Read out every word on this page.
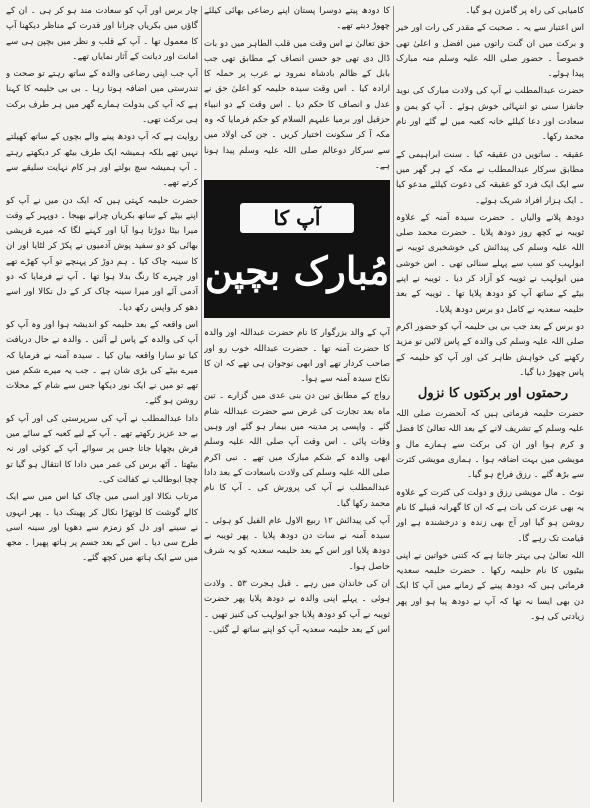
کامیابی کی راہ پر گامزن ہو گیا۔

اس اعتبار سے یہ ۔ صحبت کے مقدر کی رات اور خیر و برکت میں ان گنت راتوں میں افضل و اعلیٰ تھی خصوصاً ۔ حضور صلی اللہ علیہ وسلم منہ مبارک پیدا ہوئے۔

حضرت عبدالمطلب نے آپ کی ولادت مبارک کی نوید جانفزا سنی تو انتہائی خوش ہوئے ۔ آپ کو یمن و سعادت اور دعا کیلئے خانہ کعبہ میں لے گئے اور نام محمد رکھا۔

عقیقہ ۔ ساتویں دن عقیقہ کیا ۔ سنت ابراہیمی کے مطابق سرکار عبدالمطلب نے مکہ کے ہر گھر میں سے ایک ایک فرد کو عقیقہ کی دعوت کیلئے مدعو کیا ۔ ایک ہزار افراد شریک ہوئے۔

دودھ پلانے والیاں ۔ حضرت سیدہ آمنہ کے علاوہ ثویبہ نے کچھ روز دودھ پلایا ۔ حضرت محمد صلی اللہ علیہ وسلم کی پیدائش کی خوشخبری ثویبہ نے ابولہب کو سب سے پہلے سنائی تھی ۔ اس خوشی میں ابولہب نے ثویبہ کو آزاد کر دیا ۔ ثویبہ نے اپنے بیٹے کے ساتھ آپ کو دودھ پلایا تھا ۔ ثویبہ کے بعد حلیمہ سعدیہ نے کامل دو برس دودھ پلایا۔

دو برس کے بعد جب بی بی حلیمہ آپ کو حضور اکرم صلی اللہ علیہ وسلم کی والدہ کے پاس لائیں تو مزید رکھنے کی خواہش ظاہر کی اور آپ کو حلیمہ کے پاس چھوڑ دیا گیا۔

رحمتوں اور برکتوں کا نزول

حضرت حلیمہ فرماتی ہیں کہ آنحضرت صلی اللہ علیہ وسلم کے تشریف لانے کے بعد اللہ تعالیٰ کا فضل و کرم ہوا اور ان کی برکت سے ہمارے مال و مویشی میں بہت اضافہ ہوا ۔ ہماری مویشی کثرت سے بڑھ گئے ۔ رزق فراخ ہو گیا۔

نوٹ ۔ مال مویشی رزق و دولت کی کثرت کے علاوہ یہ بھی عزت کی بات ہے کہ ان کا گھرانہ قبیلے کا نام روشن ہو گیا اور آج بھی زندہ و درخشندہ ہے اور قیامت تک رہے گا۔

اللہ تعالیٰ ہی بہتر جانتا ہے کہ کتنی خواتین نے اپنی بیٹیوں کا نام حلیمہ رکھا ۔ حضرت حلیمہ سعدیہ فرماتی ہیں کہ دودھ پینے کے زمانے میں آپ کا ایک دن بھی ایسا نہ تھا کہ آپ نے دودھ پیا ہو اور پھر زیادتی کی ہو۔

کا دودھ پیتے دوسرا پستان اپنے رضاعی بھائی کیلئے چھوڑ دیتے تھے۔

حق تعالیٰ نے اس وقت میں قلب الطاہر میں دو بات ڈال دی تھی جو حسن انصاف کے مطابق تھی جب بابل کے ظالم بادشاہ نمرود نے عرب پر حملہ کا ارادہ کیا ۔ اس وقت سیدہ حلیمہ کو اعلیٰ حق نے عدل و انصاف کا حکم دیا ۔ اس وقت کے دو انبیاء حزقیل اور برمیا علیہم السلام کو حکم فرمایا کہ وہ مکہ آ کر سکونت اختیار کریں ۔ جن کی اولاد میں سے سرکار دوعالم صلی اللہ علیہ وسلم پیدا ہونا ہے۔

آپ کا
مُبارک بچپن

آپ کے والد بزرگوار کا نام حضرت عبداللہ اور والدہ کا حضرت آمنہ تھا ۔ حضرت عبداللہ خوب رو اور صاحب کردار تھے اور ابھی نوجوان ہی تھے کہ ان کا نکاح سیدہ آمنہ سے ہوا۔

رواج کے مطابق تین دن بنی عدی میں گزارے ۔ تین ماہ بعد تجارت کی غرض سے حضرت عبداللہ شام گئے ۔ واپسی پر مدینہ میں بیمار ہو گئے اور وہیں وفات پائی ۔ اس وقت آپ صلی اللہ علیہ وسلم ابھی والدہ کے شکم مبارک میں تھے ۔ نبی اکرم صلی اللہ علیہ وسلم کی ولادت باسعادت کے بعد دادا عبدالمطلب نے آپ کی پرورش کی ۔ آپ کا نام محمد رکھا گیا۔

آپ کی پیدائش ۱۲ ربیع الاول عام الفیل کو ہوئی ۔ سیدہ آمنہ نے سات دن دودھ پلایا ۔ پھر ثویبہ نے دودھ پلایا اور اس کے بعد حلیمہ سعدیہ کو یہ شرف حاصل ہوا۔

ان کی خاندان میں رہے ۔ قبل ہجرت ۵۳ ۔ ولادت ہوئی ۔ پہلے اپنی والدہ نے دودھ پلایا پھر حضرت ثویبہ نے آپ کو دودھ پلایا جو ابولہب کی کنیز تھیں ۔ اس کے بعد حلیمہ سعدیہ آپ کو اپنے ساتھ لے گئیں۔

چار برس اور آپ کو سعادت مند ہو کر ہی ۔ ان کے گاؤں میں بکریاں چرانا اور قدرت کے مناظر دیکھنا آپ کا معمول تھا ۔ آپ کے قلب و نظر میں بچپن ہی سے امانت اور دیانت کے آثار نمایاں تھے۔

آپ جب اپنی رضاعی والدہ کے ساتھ رہتے تو صحت و تندرستی میں اضافہ ہوتا رہا ۔ بی بی حلیمہ کا کہنا ہے کہ آپ کی بدولت ہمارے گھر میں ہر طرف برکت ہی برکت تھی۔

روایت ہے کہ آپ دودھ پینے والے بچوں کے ساتھ کھیلتے نہیں تھے بلکہ ہمیشہ ایک طرف بیٹھ کر دیکھتے رہتے ۔ آپ ہمیشہ سچ بولتے اور ہر کام نہایت سلیقے سے کرتے تھے۔

حضرت حلیمہ کہتی ہیں کہ ایک دن میں نے آپ کو اپنے بیٹے کے ساتھ بکریاں چرانے بھیجا ۔ دوپہر کے وقت میرا بیٹا دوڑتا ہوا آیا اور کہنے لگا کہ میرے قریشی بھائی کو دو سفید پوش آدمیوں نے پکڑ کر لٹایا اور ان کا سینہ چاک کیا ۔ ہم دوڑ کر پہنچے تو آپ کھڑے تھے اور چہرے کا رنگ بدلا ہوا تھا ۔ آپ نے فرمایا کہ دو آدمی آئے اور میرا سینہ چاک کر کے دل نکالا اور اسے دھو کر واپس رکھ دیا۔

اس واقعہ کے بعد حلیمہ کو اندیشہ ہوا اور وہ آپ کو آپ کی والدہ کے پاس لے آئیں ۔ والدہ نے حال دریافت کیا تو سارا واقعہ بیان کیا ۔ سیدہ آمنہ نے فرمایا کہ میرے بیٹے کی بڑی شان ہے ۔ جب یہ میرے شکم میں تھے تو میں نے ایک نور دیکھا جس سے شام کے محلات روشن ہو گئے۔

دادا عبدالمطلب نے آپ کی سرپرستی کی اور آپ کو بے حد عزیز رکھتے تھے ۔ آپ کے لیے کعبہ کے سائے میں فرش بچھایا جاتا جس پر سوائے آپ کے کوئی اور نہ بیٹھتا ۔ آٹھ برس کی عمر میں دادا کا انتقال ہو گیا تو چچا ابوطالب نے کفالت کی۔

مرتاب نکالا اور اسی میں چاک کیا اس میں سے ایک کالے گوشت کا لوتھڑا نکال کر پھینک دیا ۔ پھر انہوں نے سینے اور دل کو زمزم سے دھویا اور سینہ اسی طرح سی دیا ۔ اس کے بعد جسم پر ہاتھ پھیرا ۔ مجھ میں سے ایک ہاتھ میں کچھ گئے۔
